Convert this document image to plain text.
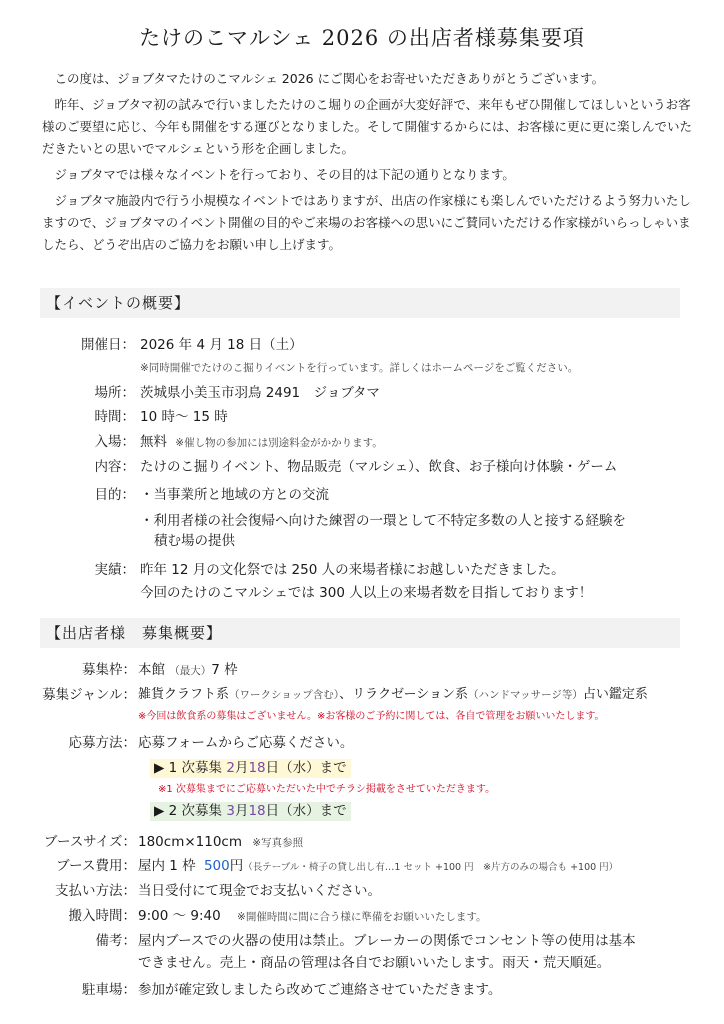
たけのこマルシェ 2026 の出店者様募集要項

この度は、ジョブタマたけのこマルシェ 2026 にご関心をお寄せいただきありがとうございます。

昨年、ジョブタマ初の試みで行いましたたけのこ堀りの企画が大変好評で、来年もぜひ開催してほしいというお客様のご要望に応じ、今年も開催をする運びとなりました。そして開催するからには、お客様に更に更に楽しんでいただきたいとの思いでマルシェという形を企画しました。

ジョブタマでは様々なイベントを行っており、その目的は下記の通りとなります。

ジョブタマ施設内で行う小規模なイベントではありますが、出店の作家様にも楽しんでいただけるよう努力いたしますので、ジョブタマのイベント開催の目的やご来場のお客様への思いにご賛同いただける作家様がいらっしゃいましたら、どうぞ出店のご協力をお願い申し上げます。

【イベントの概要】
開催日： 2026 年 4 月 18 日（土）
※同時開催でたけのこ掘りイベントを行っています。詳しくはホームページをご覧ください。
場所： 茨城県小美玉市羽鳥 2491　ジョブタマ
時間： 10 時～ 15 時
入場： 無料 ※催し物の参加には別途料金がかかります。
内容： たけのこ掘りイベント、物品販売（マルシェ）、飲食、お子様向け体験・ゲーム
目的： ・当事業所と地域の方との交流
・利用者様の社会復帰へ向けた練習の一環として不特定多数の人と接する経験を
積む場の提供
実績： 昨年 12 月の文化祭では 250 人の来場者様にお越しいただきました。
今回のたけのこマルシェでは 300 人以上の来場者数を目指しております！
【出店者様　募集概要】
募集枠： 本館 （最大）7 枠
募集ジャンル： 雑貨クラフト系（ワークショップ含む）、リラクゼーション系（ハンドマッサージ等）占い鑑定系
※今回は飲食系の募集はございません。※お客様のご予約に関しては、各自で管理をお願いいたします。
応募方法： 応募フォームからご応募ください。
▶ 1 次募集 2月18日（水）まで
※1 次募集までにご応募いただいた中でチラシ掲載をさせていただきます。
▶ 2 次募集 3月18日（水）まで
ブースサイズ： 180cm×110cm ※写真参照
ブース費用： 屋内 1 枠 500円（長テーブル・椅子の貸し出し有…1 セット +100 円　※片方のみの場合も +100 円）
支払い方法： 当日受付にて現金でお支払いください。
搬入時間： 9:00 ～ 9:40 ※開催時間に間に合う様に準備をお願いいたします。
備考： 屋内ブースでの火器の使用は禁止。ブレーカーの関係でコンセント等の使用は基本
できません。売上・商品の管理は各自でお願いいたします。雨天・荒天順延。
駐車場： 参加が確定致しましたら改めてご連絡させていただきます。
